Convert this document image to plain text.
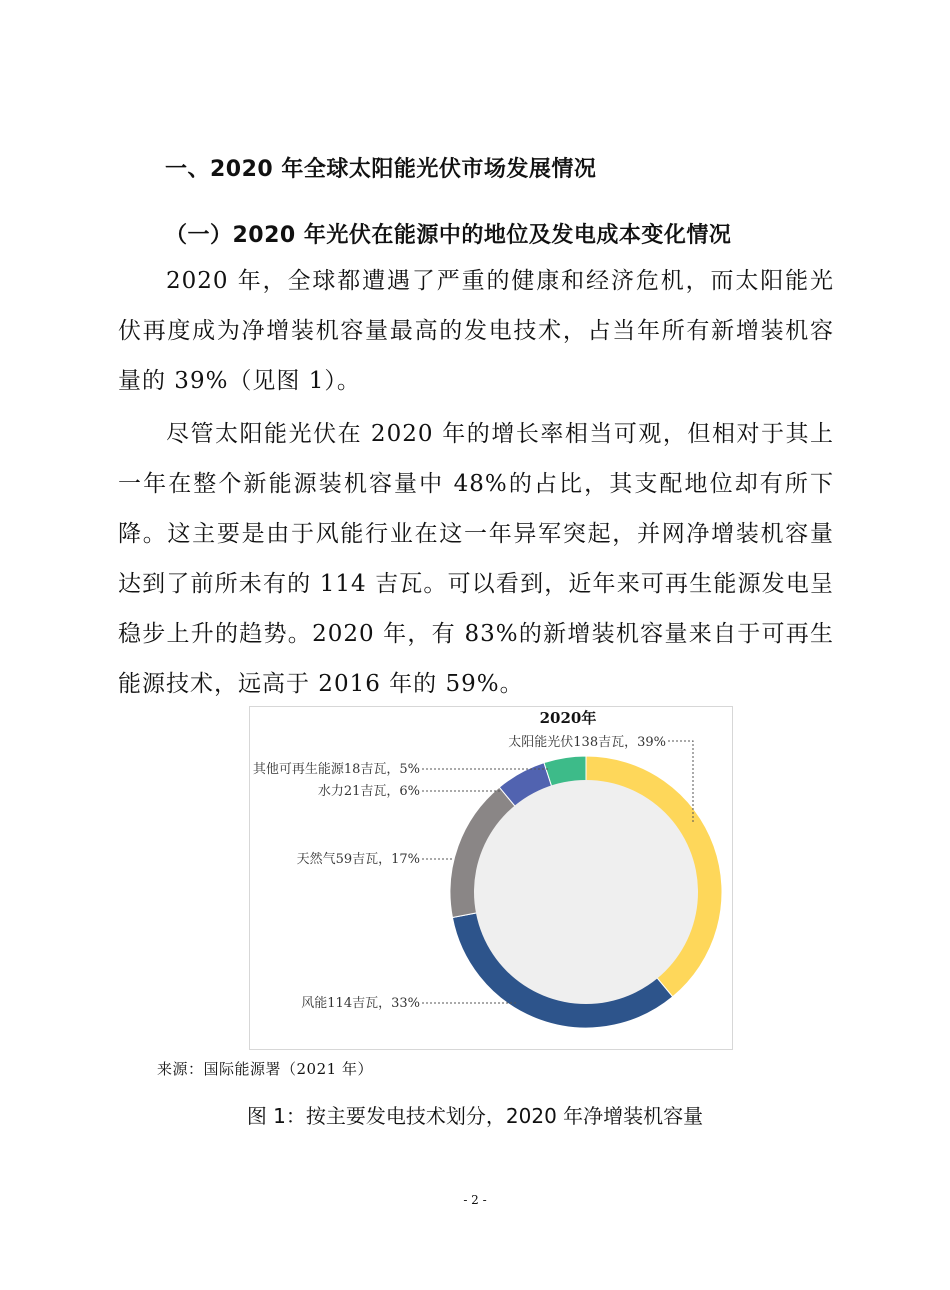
一、2020 年全球太阳能光伏市场发展情况
（一）2020 年光伏在能源中的地位及发电成本变化情况

2020 年，全球都遭遇了严重的健康和经济危机，而太阳能光伏再度成为净增装机容量最高的发电技术，占当年所有新增装机容量的 39%（见图 1）。

尽管太阳能光伏在 2020 年的增长率相当可观，但相对于其上一年在整个新能源装机容量中 48%的占比，其支配地位却有所下降。这主要是由于风能行业在这一年异军突起，并网净增装机容量达到了前所未有的 114 吉瓦。可以看到，近年来可再生能源发电呈稳步上升的趋势。2020 年，有 83%的新增装机容量来自于可再生能源技术，远高于 2016 年的 59%。

2020年
太阳能光伏138吉瓦，39%
风能114吉瓦，33%
天然气59吉瓦，17%
水力21吉瓦，6%
其他可再生能源18吉瓦，5%
来源：国际能源署（2021 年）
图 1：按主要发电技术划分，2020 年净增装机容量
- 2 -
